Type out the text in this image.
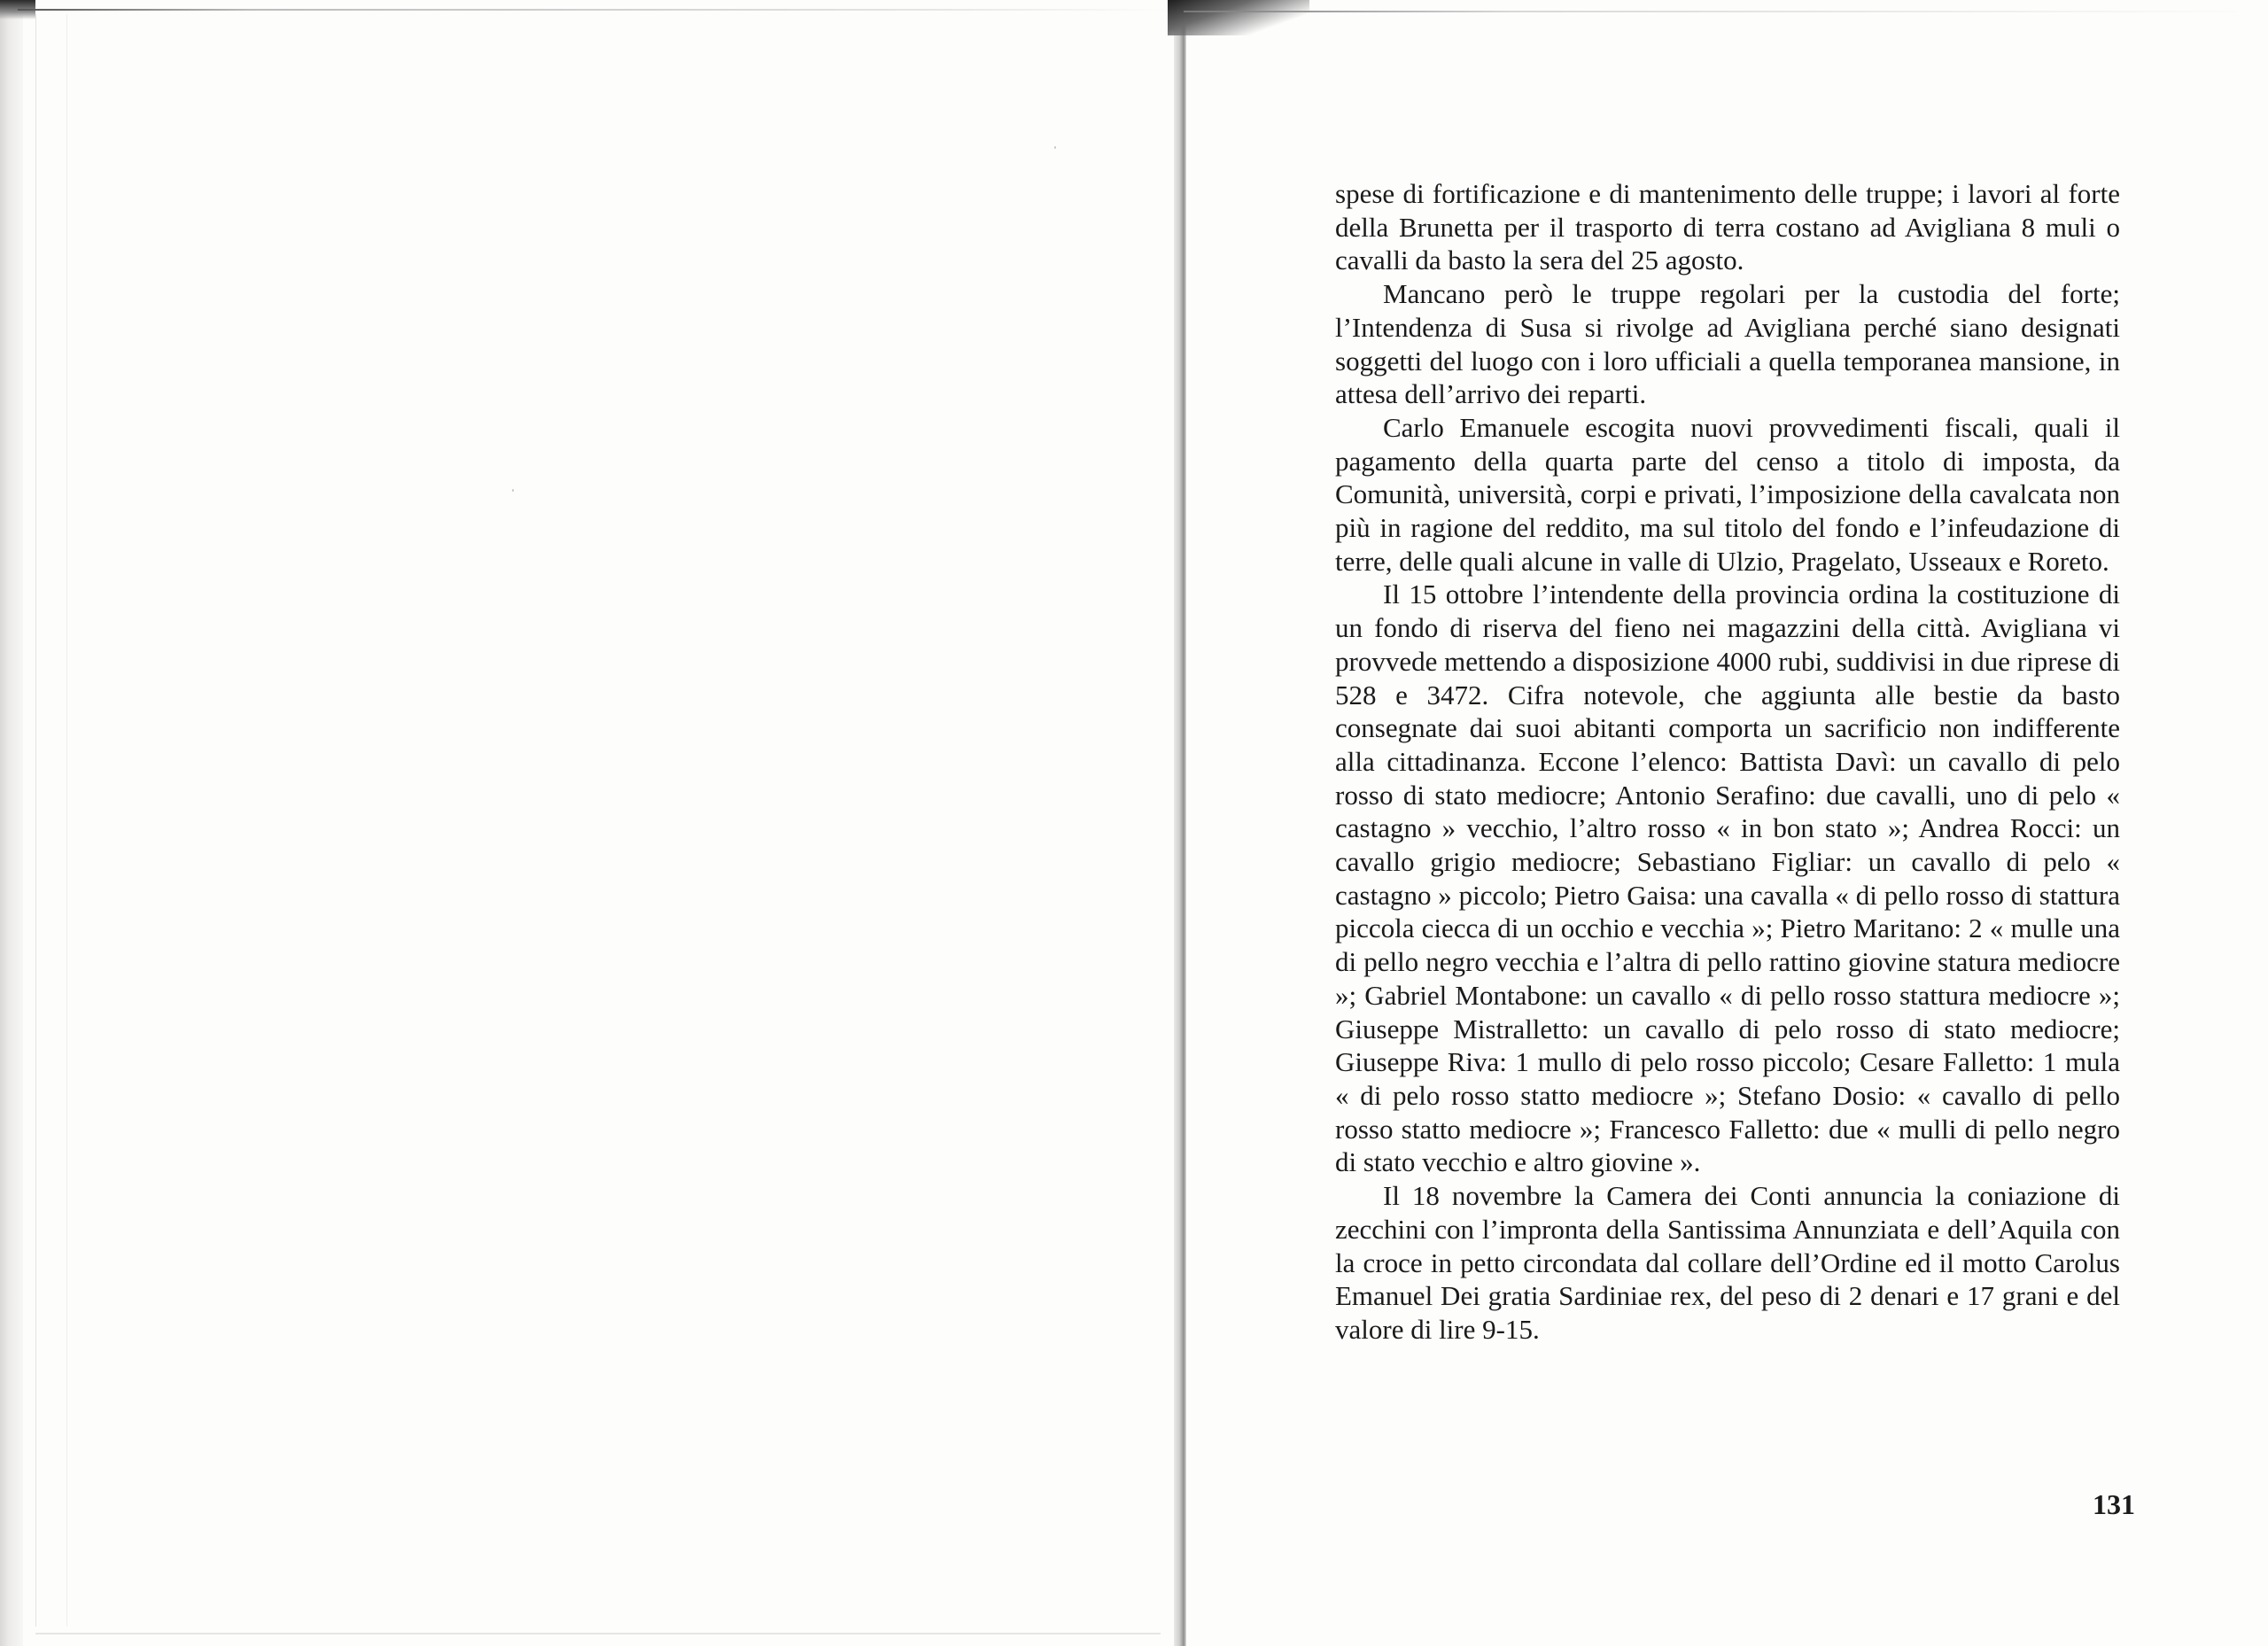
spese di fortificazione e di mantenimento delle truppe; i lavori al forte della Brunetta per il trasporto di terra costano ad Avigliana 8 muli o cavalli da basto la sera del 25 agosto.

Mancano però le truppe regolari per la custodia del forte; l’Intendenza di Susa si rivolge ad Avigliana perché siano designati soggetti del luogo con i loro ufficiali a quella temporanea mansione, in attesa dell’arrivo dei reparti.

Carlo Emanuele escogita nuovi provvedimenti fiscali, quali il pagamento della quarta parte del censo a titolo di imposta, da Comunità, università, corpi e privati, l’imposizione della cavalcata non più in ragione del reddito, ma sul titolo del fondo e l’infeudazione di terre, delle quali alcune in valle di Ulzio, Pragelato, Usseaux e Roreto.

Il 15 ottobre l’intendente della provincia ordina la costituzione di un fondo di riserva del fieno nei magazzini della città. Avigliana vi provvede mettendo a disposizione 4000 rubi, suddivisi in due riprese di 528 e 3472. Cifra notevole, che aggiunta alle bestie da basto consegnate dai suoi abitanti comporta un sacrificio non indifferente alla cittadinanza. Eccone l’elenco: Battista Davì: un cavallo di pelo rosso di stato mediocre; Antonio Serafino: due cavalli, uno di pelo « castagno » vecchio, l’altro rosso « in bon stato »; Andrea Rocci: un cavallo grigio mediocre; Sebastiano Figliar: un cavallo di pelo « castagno » piccolo; Pietro Gaisa: una cavalla « di pello rosso di stattura piccola ciecca di un occhio e vecchia »; Pietro Maritano: 2 « mulle una di pello negro vecchia e l’altra di pello rattino giovine statura mediocre »; Gabriel Montabone: un cavallo « di pello rosso stattura mediocre »; Giuseppe Mistralletto: un cavallo di pelo rosso di stato mediocre; Giuseppe Riva: 1 mullo di pelo rosso piccolo; Cesare Falletto: 1 mula « di pelo rosso statto mediocre »; Stefano Dosio: « cavallo di pello rosso statto mediocre »; Francesco Falletto: due « mulli di pello negro di stato vecchio e altro giovine ».

Il 18 novembre la Camera dei Conti annuncia la coniazione di zecchini con l’impronta della Santissima Annunziata e dell’Aquila con la croce in petto circondata dal collare dell’Ordine ed il motto Carolus Emanuel Dei gratia Sardiniae rex, del peso di 2 denari e 17 grani e del valore di lire 9-15.

131
